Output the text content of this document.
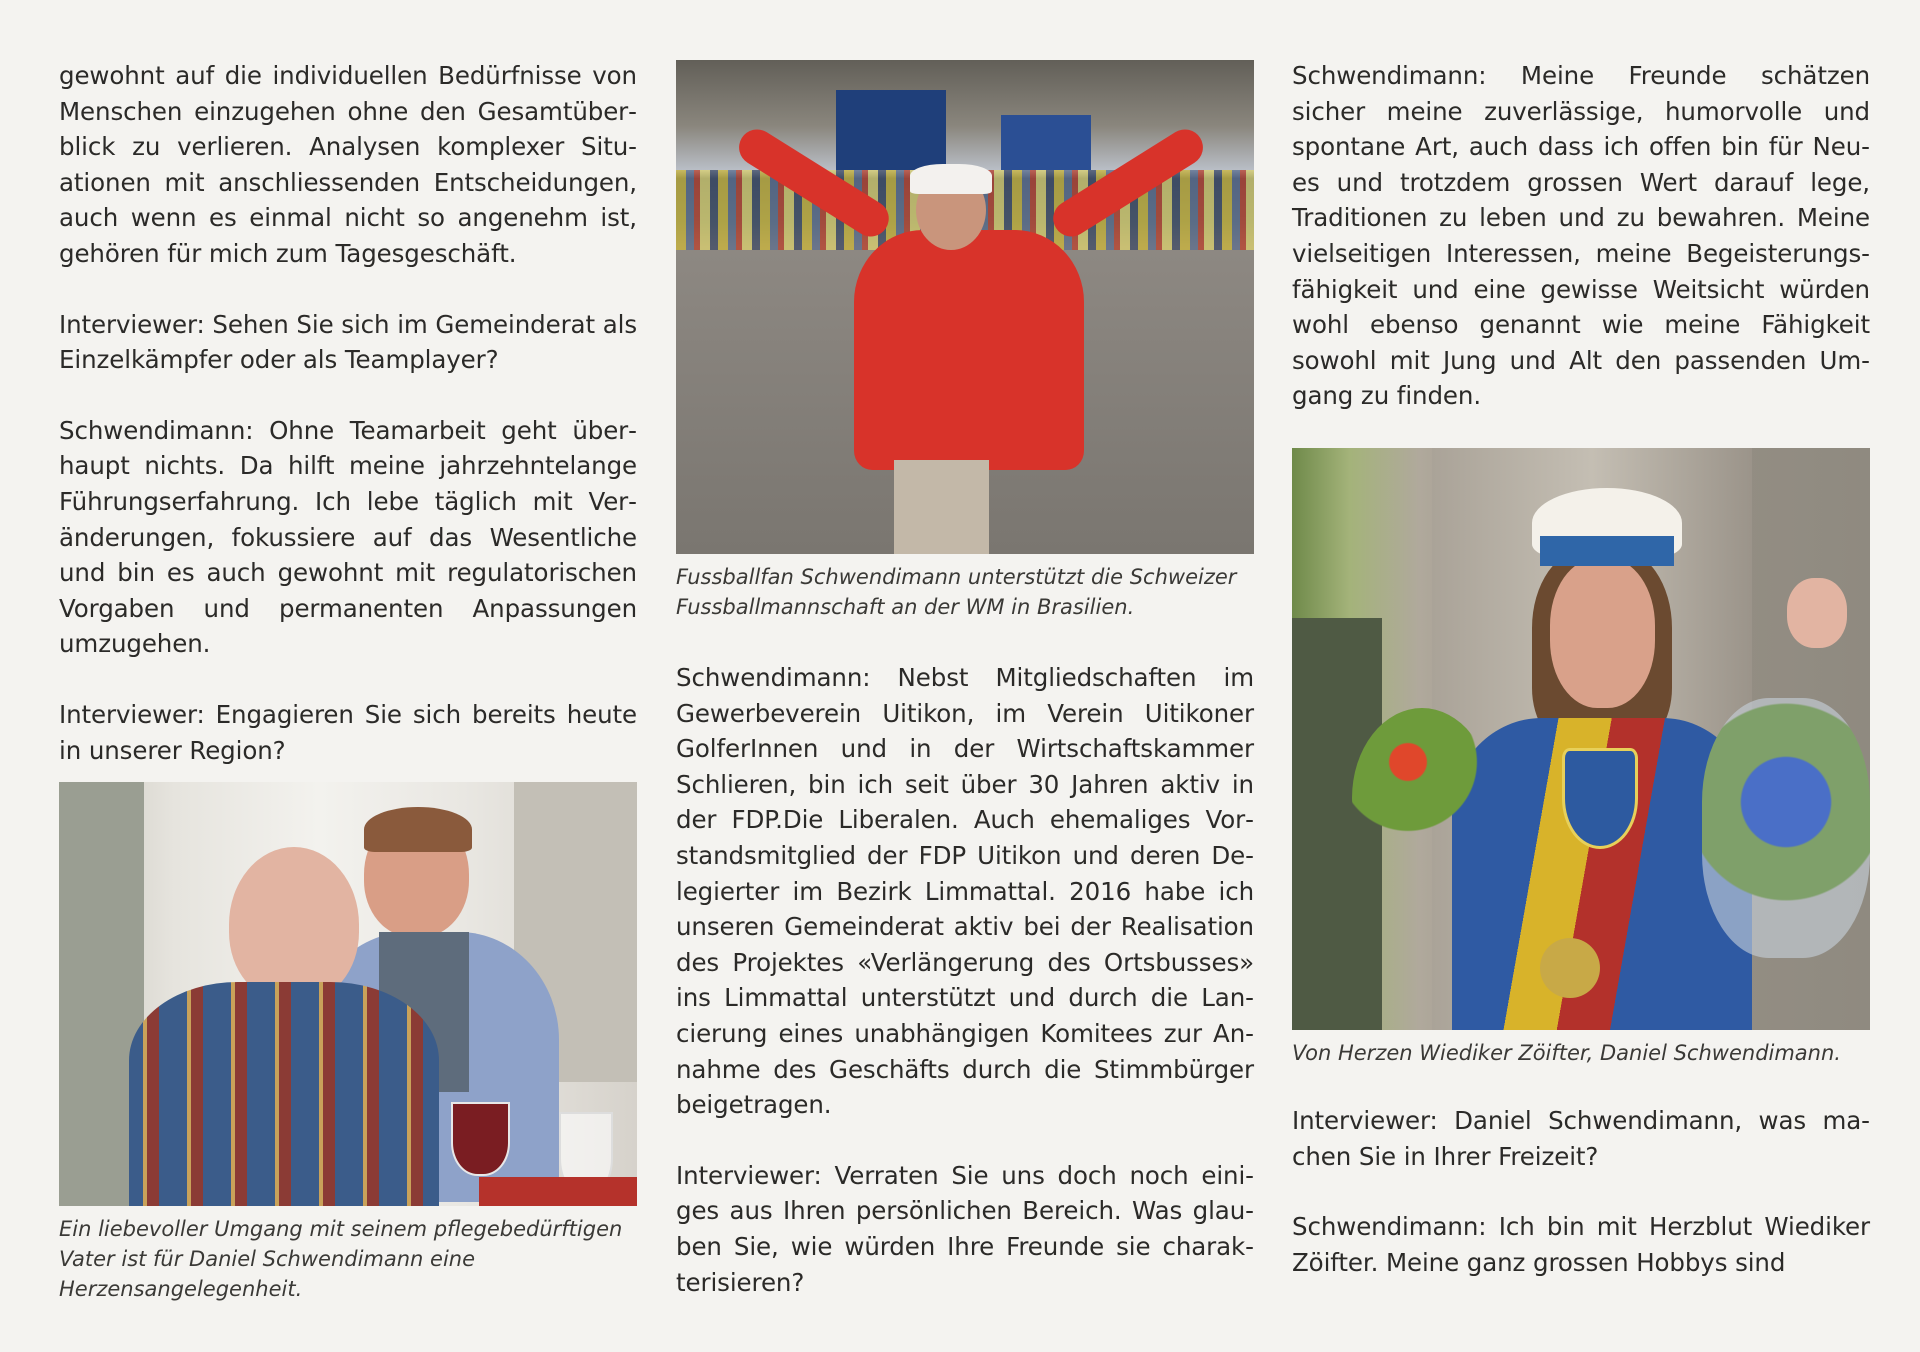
gewohnt auf die individuellen Bedürfnisse von Menschen einzugehen ohne den Gesamtüberblick zu verlieren. Analysen komplexer Situationen mit anschliessenden Entscheidungen, auch wenn es einmal nicht so angenehm ist, gehören für mich zum Tagesgeschäft.

Interviewer: Sehen Sie sich im Gemeinderat als Einzelkämpfer oder als Teamplayer?

Schwendimann: Ohne Teamarbeit geht überhaupt nichts. Da hilft meine jahrzehntelange Führungserfahrung. Ich lebe täglich mit Veränderungen, fokussiere auf das Wesentliche und bin es auch gewohnt mit regulatorischen Vorgaben und permanenten Anpassungen umzugehen.

Interviewer: Engagieren Sie sich bereits heute in unserer Region?

Ein liebevoller Umgang mit seinem pflegebedürftigen Vater ist für Daniel Schwendimann eine Herzensangelegenheit.

Fussballfan Schwendimann unterstützt die Schweizer Fussballmannschaft an der WM in Brasilien.

Schwendimann: Nebst Mitgliedschaften im Gewerbeverein Uitikon, im Verein Uitikoner GolferInnen und in der Wirtschaftskammer Schlieren, bin ich seit über 30 Jahren aktiv in der FDP.Die Liberalen. Auch ehemaliges Vorstandsmitglied der FDP Uitikon und deren Delegierter im Bezirk Limmattal. 2016 habe ich unseren Gemeinderat aktiv bei der Realisation des Projektes «Verlängerung des Ortsbusses» ins Limmattal unterstützt und durch die Lancierung eines unabhängigen Komitees zur Annahme des Geschäfts durch die Stimmbürger beigetragen.

Interviewer: Verraten Sie uns doch noch einiges aus Ihren persönlichen Bereich. Was glauben Sie, wie würden Ihre Freunde sie charakterisieren?

Schwendimann: Meine Freunde schätzen sicher meine zuverlässige, humorvolle und spontane Art, auch dass ich offen bin für Neues und trotzdem grossen Wert darauf lege, Traditionen zu leben und zu bewahren. Meine vielseitigen Interessen, meine Begeisterungsfähigkeit und eine gewisse Weitsicht würden wohl ebenso genannt wie meine Fähigkeit sowohl mit Jung und Alt den passenden Umgang zu finden.

Von Herzen Wiediker Zöifter, Daniel Schwendimann.

Interviewer: Daniel Schwendimann, was machen Sie in Ihrer Freizeit?

Schwendimann: Ich bin mit Herzblut Wiediker Zöifter. Meine ganz grossen Hobbys sind
